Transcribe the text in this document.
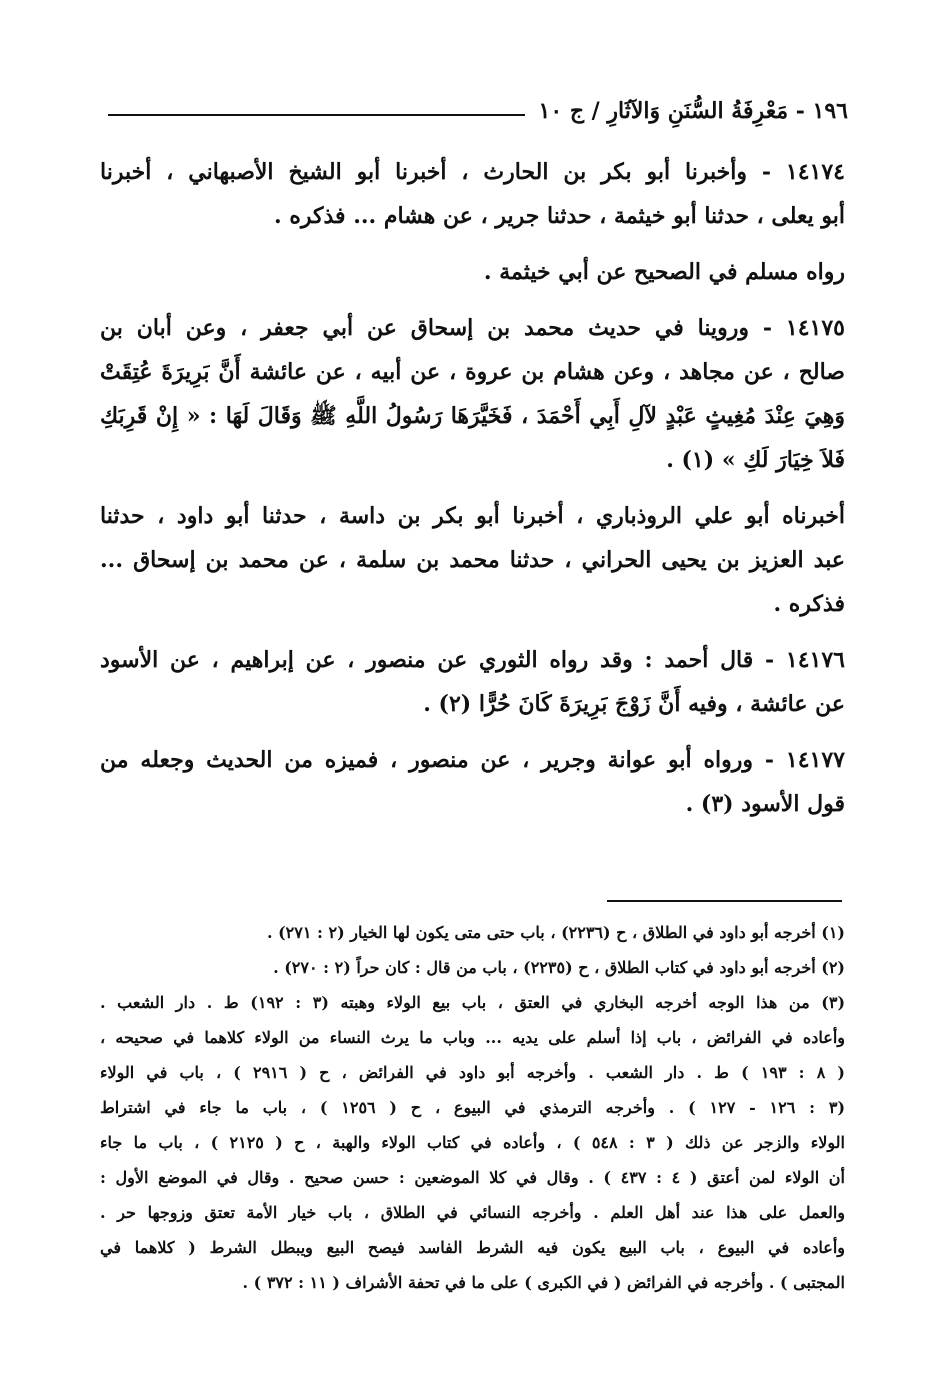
١٩٦ - مَعْرِفَةُ السُّنَنِ وَالآثَارِ / ج ١٠
١٤١٧٤ - وأخبرنا أبو بكر بن الحارث ، أخبرنا أبو الشيخ الأصبهاني ، أخبرنا
أبو يعلى ، حدثنا أبو خيثمة ، حدثنا جرير ، عن هشام ... فذكره .
رواه مسلم في الصحيح عن أبي خيثمة .
١٤١٧٥ - وروينا في حديث محمد بن إسحاق عن أبي جعفر ، وعن أبان بن
صالح ، عن مجاهد ، وعن هشام بن عروة ، عن أبيه ، عن عائشة أَنَّ بَرِيرَةَ عُتِقَتْ
وَهِيَ عِنْدَ مُغِيثٍ عَبْدٍ لآلِ أَبِي أَحْمَدَ ، فَخَيَّرَهَا رَسُولُ اللَّهِ ﷺ وَقَالَ لَهَا : « إِنْ قَرِبَكِ
فَلاَ خِيَارَ لَكِ » (١) .
أخبرناه أبو علي الروذباري ، أخبرنا أبو بكر بن داسة ، حدثنا أبو داود ، حدثنا
عبد العزيز بن يحيى الحراني ، حدثنا محمد بن سلمة ، عن محمد بن إسحاق ...
فذكره .
١٤١٧٦ - قال أحمد : وقد رواه الثوري عن منصور ، عن إبراهيم ، عن الأسود
عن عائشة ، وفيه أَنَّ زَوْجَ بَرِيرَةَ كَانَ حُرًّا (٢) .
١٤١٧٧ - ورواه أبو عوانة وجرير ، عن منصور ، فميزه من الحديث وجعله من
قول الأسود (٣) .
(١) أخرجه أبو داود في الطلاق ، ح (٢٢٣٦) ، باب حتى متى يكون لها الخيار (٢ : ٢٧١) .
(٢) أخرجه أبو داود في كتاب الطلاق ، ح (٢٢٣٥) ، باب من قال : كان حراً (٢ : ٢٧٠) .
(٣) من هذا الوجه أخرجه البخاري في العتق ، باب بيع الولاء وهبته (٣ : ١٩٢) ط . دار الشعب .
وأعاده في الفرائض ، باب إذا أسلم على يديه ... وباب ما يرث النساء من الولاء كلاهما في صحيحه ،
( ٨ : ١٩٣ ) ط . دار الشعب . وأخرجه أبو داود في الفرائض ، ح ( ٢٩١٦ ) ، باب في الولاء
(٣ : ١٢٦ - ١٢٧ ) . وأخرجه الترمذي في البيوع ، ح ( ١٢٥٦ ) ، باب ما جاء في اشتراط
الولاء والزجر عن ذلك ( ٣ : ٥٤٨ ) ، وأعاده في كتاب الولاء والهبة ، ح ( ٢١٢٥ ) ، باب ما جاء
أن الولاء لمن أعتق ( ٤ : ٤٣٧ ) . وقال في كلا الموضعين : حسن صحيح . وقال في الموضع الأول :
والعمل على هذا عند أهل العلم . وأخرجه النسائي في الطلاق ، باب خيار الأمة تعتق وزوجها حر .
وأعاده في البيوع ، باب البيع يكون فيه الشرط الفاسد فيصح البيع ويبطل الشرط ( كلاهما في
المجتبى ) . وأخرجه في الفرائض ( في الكبرى ) على ما في تحفة الأشراف ( ١١ : ٣٧٢ ) .
